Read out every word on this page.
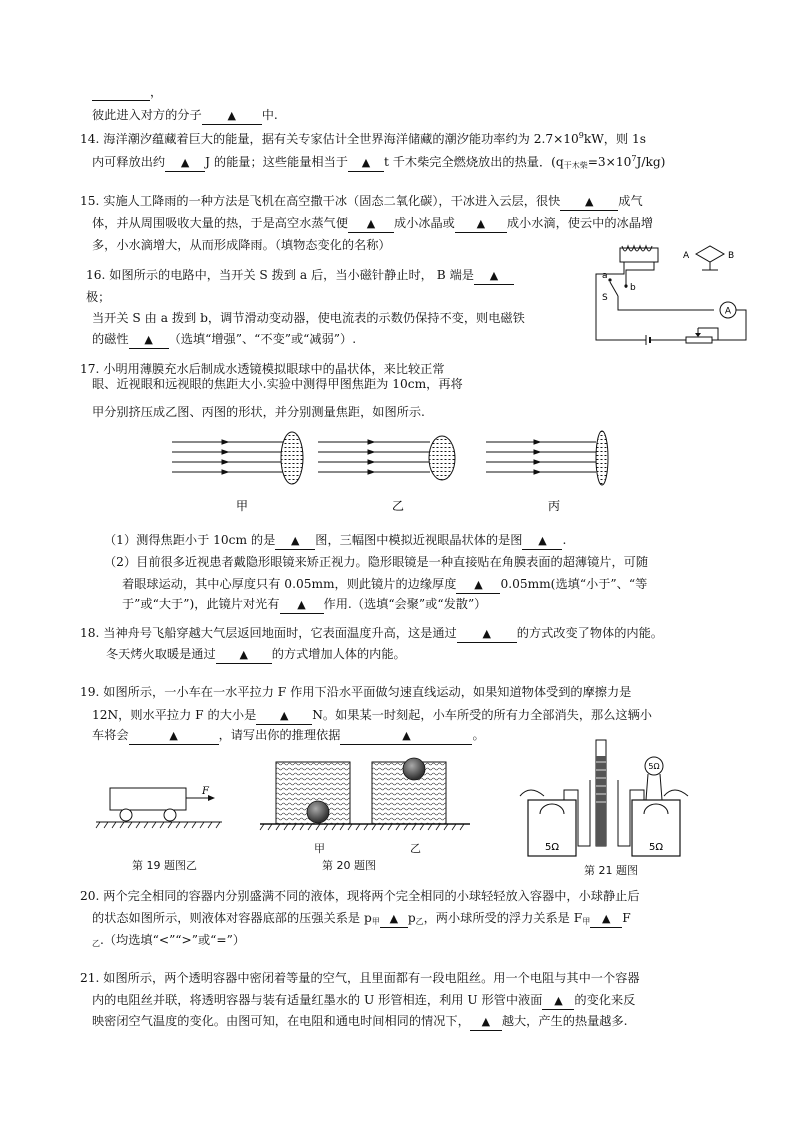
，
彼此进入对方的分子 ▲ 中.
14. 海洋潮汐蕴藏着巨大的能量，据有关专家估计全世界海洋储藏的潮汐能功率约为 $2.7\times 10^9kW$，则 1s
内可释放出约 ▲ J 的能量；这些能量相当于 ▲ t 千木柴完全燃烧放出的热量．$(q_{干木柴}=3\times 10^7J/kg)$
15. 实施人工降雨的一种方法是飞机在高空撒干冰（固态二氧化碳），干冰进入云层，很快 ▲ 成气
体，并从周围吸收大量的热，于是高空水蒸气便 ▲ 成小冰晶或 ▲ 成小水滴，使云中的冰晶增
多，小水滴增大，从而形成降雨。（填物态变化的名称）
16. 如图所示的电路中，当开关 S 拨到 a 后，当小磁针静止时， B 端是 ▲
极；
当开关 S 由 a 拨到 b，调节滑动变动器，使电流表的示数仍保持不变，则电磁铁
的磁性 ▲ （选填“增强”、“不变”或“减弱”）.
A
A	B
a
b
S
17. 小明用薄膜充水后制成水透镜模拟眼球中的晶状体，来比较正常
眼、近视眼和远视眼的焦距大小.实验中测得甲图焦距为 10cm，再将
甲分别挤压成乙图、丙图的形状，并分别测量焦距，如图所示.
甲	乙	丙
（1）测得焦距小于 10cm 的是 ▲ 图，三幅图中模拟近视眼晶状体的是图 ▲ .
（2）目前很多近视患者戴隐形眼镜来矫正视力。隐形眼镜是一种直接贴在角膜表面的超薄镜片，可随
着眼球运动，其中心厚度只有 0.05mm，则此镜片的边缘厚度 ▲ 0.05mm(选填“小于”、“等
于”或“大于”)，此镜片对光有 ▲ 作用.（选填“会聚”或“发散”）
18. 当神舟号飞船穿越大气层返回地面时，它表面温度升高，这是通过 ▲ 的方式改变了物体的内能。
冬天烤火取暖是通过 ▲ 的方式增加人体的内能。
19. 如图所示，一小车在一水平拉力 F 作用下沿水平面做匀速直线运动，如果知道物体受到的摩擦力是
12N，则水平拉力 F 的大小是 ▲ N。如果某一时刻起，小车所受的所有力全部消失，那么这辆小
车将会	▲	，请写出你的推理依据	▲	。
F
第 19 题图乙
甲	乙
第 20 题图
5Ω	5Ω
5Ω
第 21 题图
20. 两个完全相同的容器内分别盛满不同的液体，现将两个完全相同的小球轻轻放入容器中，小球静止后
的状态如图所示，则液体对容器底部的压强关系是 $p_甲$ ▲ $p_乙$，两小球所受的浮力关系是 $F_甲$ ▲ F
$_乙$.（均选填“<”“>”或“=”）
21. 如图所示，两个透明容器中密闭着等量的空气，且里面都有一段电阻丝。用一个电阻与其中一个容器
内的电阻丝并联，将透明容器与装有适量红墨水的 U 形管相连，利用 U 形管中液面 ▲ 的变化来反
映密闭空气温度的变化。由图可知，在电阻和通电时间相同的情况下， ▲ 越大，产生的热量越多.
